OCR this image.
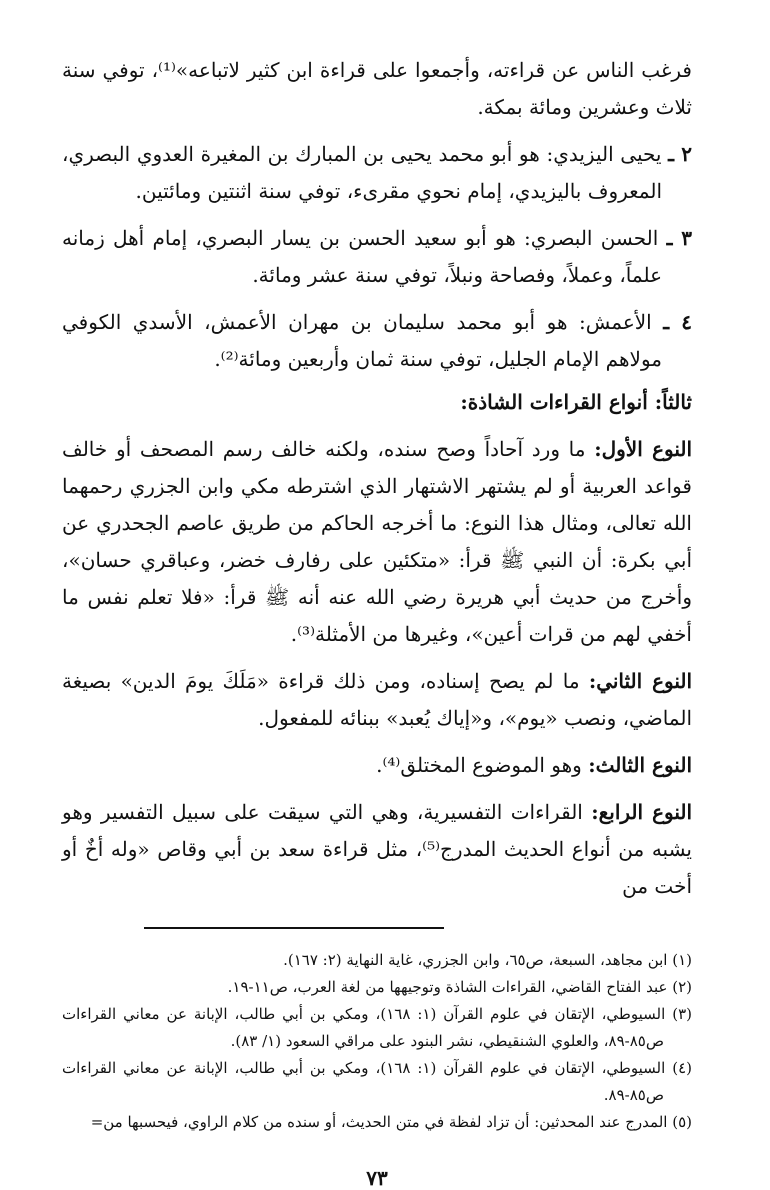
فرغب الناس عن قراءته، وأجمعوا على قراءة ابن كثير لاتباعه»⁽¹⁾، توفي سنة ثلاث وعشرين ومائة بمكة.

٢ ـ يحيى اليزيدي: هو أبو محمد يحيى بن المبارك بن المغيرة العدوي البصري، المعروف باليزيدي، إمام نحوي مقرىء، توفي سنة اثنتين ومائتين.

٣ ـ الحسن البصري: هو أبو سعيد الحسن بن يسار البصري، إمام أهل زمانه علماً، وعملاً، وفصاحة ونبلاً، توفي سنة عشر ومائة.

٤ ـ الأعمش: هو أبو محمد سليمان بن مهران الأعمش، الأسدي الكوفي مولاهم الإمام الجليل، توفي سنة ثمان وأربعين ومائة⁽²⁾.

ثالثاً: أنواع القراءات الشاذة:

النوع الأول: ما ورد آحاداً وصح سنده، ولكنه خالف رسم المصحف أو خالف قواعد العربية أو لم يشتهر الاشتهار الذي اشترطه مكي وابن الجزري رحمهما الله تعالى، ومثال هذا النوع: ما أخرجه الحاكم من طريق عاصم الجحدري عن أبي بكرة: أن النبي ﷺ قرأ: «متكئين على رفارف خضر، وعباقري حسان»، وأخرج من حديث أبي هريرة رضي الله عنه أنه ﷺ قرأ: «فلا تعلم نفس ما أخفي لهم من قرات أعين»، وغيرها من الأمثلة⁽³⁾.

النوع الثاني: ما لم يصح إسناده، ومن ذلك قراءة «مَلَكَ يومَ الدين» بصيغة الماضي، ونصب «يوم»، و«إياك يُعبد» ببنائه للمفعول.

النوع الثالث: وهو الموضوع المختلق⁽⁴⁾.

النوع الرابع: القراءات التفسيرية، وهي التي سيقت على سبيل التفسير وهو يشبه من أنواع الحديث المدرج⁽⁵⁾، مثل قراءة سعد بن أبي وقاص «وله أخٌ أو أخت من

(١) ابن مجاهد، السبعة، ص٦٥، وابن الجزري، غاية النهاية (٢: ١٦٧).

(٢) عبد الفتاح القاضي، القراءات الشاذة وتوجيهها من لغة العرب، ص١١-١٩.

(٣) السيوطي، الإتقان في علوم القرآن (١: ١٦٨)، ومكي بن أبي طالب، الإبانة عن معاني القراءات ص٨٥-٨٩، والعلوي الشنقيطي، نشر البنود على مراقي السعود (١/ ٨٣).

(٤) السيوطي، الإتقان في علوم القرآن (١: ١٦٨)، ومكي بن أبي طالب، الإبانة عن معاني القراءات ص٨٥-٨٩.

(٥) المدرج عند المحدثين: أن تزاد لفظة في متن الحديث، أو سنده من كلام الراوي، فيحسبها من=

٧٣
